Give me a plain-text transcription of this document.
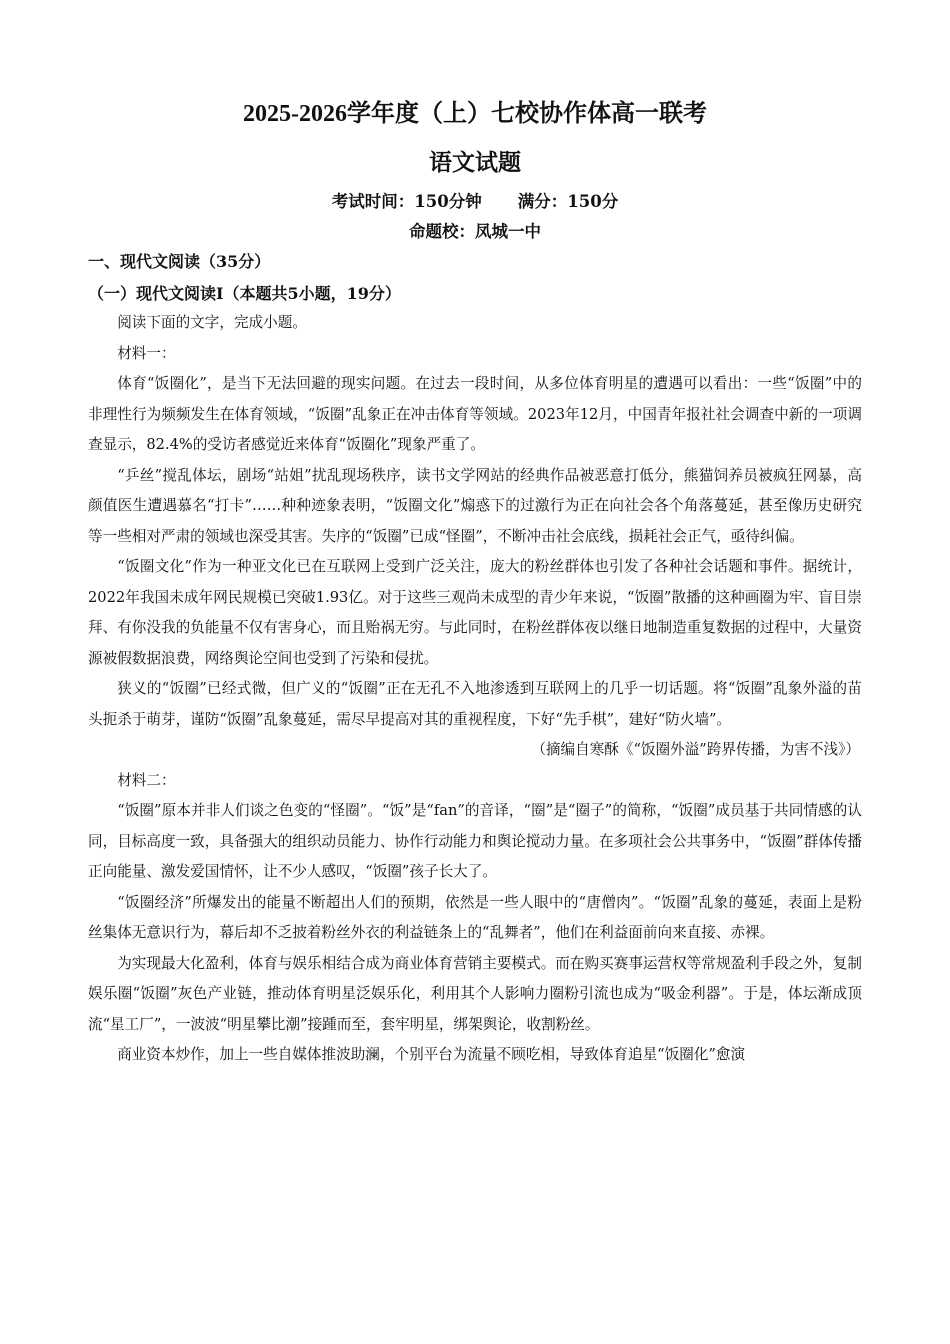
2025-2026学年度（上）七校协作体高一联考
语文试题
考试时间：150分钟 满分：150分
命题校：凤城一中
一、现代文阅读（35分）
（一）现代文阅读Ⅰ（本题共5小题，19分）

阅读下面的文字，完成小题。

材料一：

体育“饭圈化”，是当下无法回避的现实问题。在过去一段时间，从多位体育明星的遭遇可以看出：一些“饭圈”中的非理性行为频频发生在体育领域，“饭圈”乱象正在冲击体育等领域。2023年12月，中国青年报社社会调查中新的一项调查显示，82.4%的受访者感觉近来体育“饭圈化”现象严重了。

“乒丝”搅乱体坛，剧场“站姐”扰乱现场秩序，读书文学网站的经典作品被恶意打低分，熊猫饲养员被疯狂网暴，高颜值医生遭遇慕名“打卡”……种种迹象表明，“饭圈文化”煽惑下的过激行为正在向社会各个角落蔓延，甚至像历史研究等一些相对严肃的领域也深受其害。失序的“饭圈”已成“怪圈”，不断冲击社会底线，损耗社会正气，亟待纠偏。

“饭圈文化”作为一种亚文化已在互联网上受到广泛关注，庞大的粉丝群体也引发了各种社会话题和事件。据统计，2022年我国未成年网民规模已突破1.93亿。对于这些三观尚未成型的青少年来说，“饭圈”散播的这种画圈为牢、盲目崇拜、有你没我的负能量不仅有害身心，而且贻祸无穷。与此同时，在粉丝群体夜以继日地制造重复数据的过程中，大量资源被假数据浪费，网络舆论空间也受到了污染和侵扰。

狭义的“饭圈”已经式微，但广义的“饭圈”正在无孔不入地渗透到互联网上的几乎一切话题。将“饭圈”乱象外溢的苗头扼杀于萌芽，谨防“饭圈”乱象蔓延，需尽早提高对其的重视程度，下好“先手棋”，建好“防火墙”。

（摘编自寒酥《“饭圈外溢”跨界传播，为害不浅》）

材料二：

“饭圈”原本并非人们谈之色变的“怪圈”。“饭”是“fan”的音译，“圈”是“圈子”的简称，“饭圈”成员基于共同情感的认同，目标高度一致，具备强大的组织动员能力、协作行动能力和舆论搅动力量。在多项社会公共事务中，“饭圈”群体传播正向能量、激发爱国情怀，让不少人感叹，“饭圈”孩子长大了。

“饭圈经济”所爆发出的能量不断超出人们的预期，依然是一些人眼中的“唐僧肉”。“饭圈”乱象的蔓延，表面上是粉丝集体无意识行为，幕后却不乏披着粉丝外衣的利益链条上的“乱舞者”，他们在利益面前向来直接、赤裸。

为实现最大化盈利，体育与娱乐相结合成为商业体育营销主要模式。而在购买赛事运营权等常规盈利手段之外，复制娱乐圈“饭圈”灰色产业链，推动体育明星泛娱乐化，利用其个人影响力圈粉引流也成为“吸金利器”。于是，体坛渐成顶流“星工厂”，一波波“明星攀比潮”接踵而至，套牢明星，绑架舆论，收割粉丝。

商业资本炒作，加上一些自媒体推波助澜，个别平台为流量不顾吃相，导致体育追星“饭圈化”愈演
